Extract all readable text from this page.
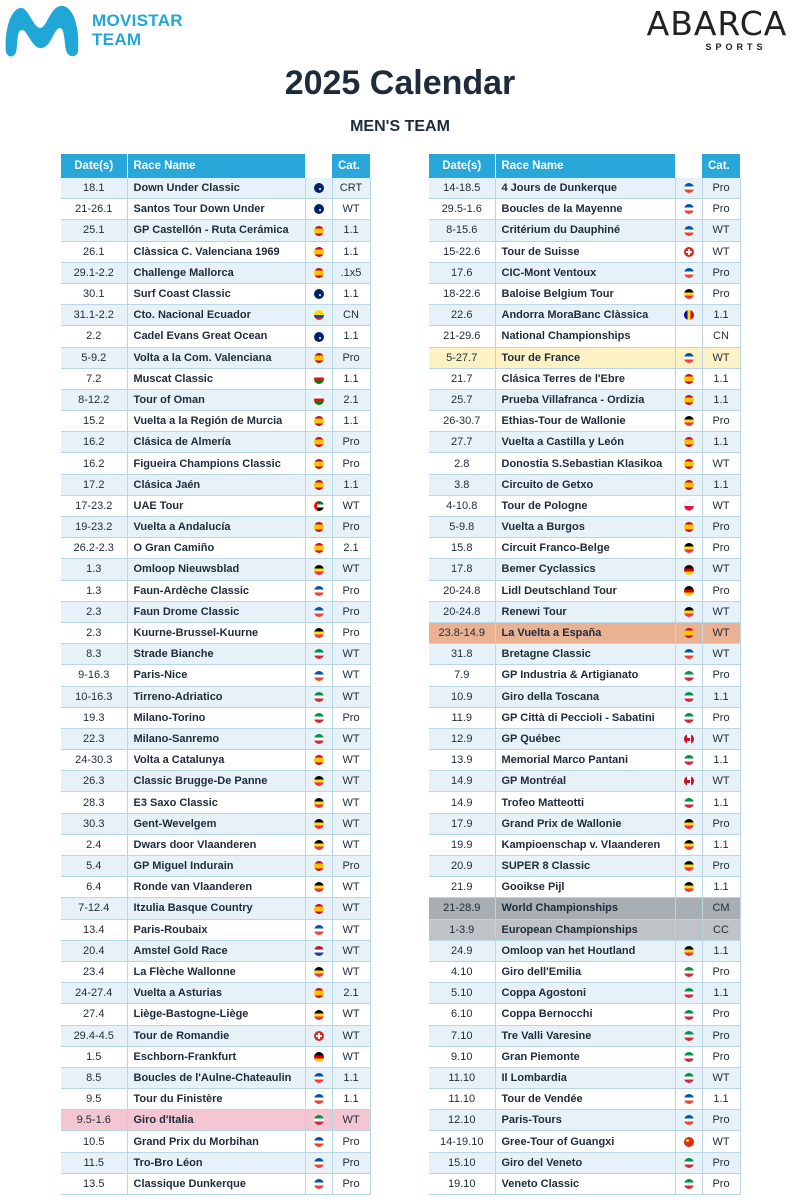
MOVISTAR
TEAM	ABARCA
SPORTS
2025 Calendar
MEN'S TEAM
Date(s)	Race Name		Cat.
18.1	Down Under Classic		CRT
21-26.1	Santos Tour Down Under		WT
25.1	GP Castellón - Ruta Cerámica		1.1
26.1	Clàssica C. Valenciana 1969		1.1
29.1-2.2	Challenge Mallorca		.1x5
30.1	Surf Coast Classic		1.1
31.1-2.2	Cto. Nacional Ecuador		CN
2.2	Cadel Evans Great Ocean		1.1
5-9.2	Volta a la Com. Valenciana		Pro
7.2	Muscat Classic		1.1
8-12.2	Tour of Oman		2.1
15.2	Vuelta a la Región de Murcia		1.1
16.2	Clásica de Almería		Pro
16.2	Figueira Champions Classic		Pro
17.2	Clásica Jaén		1.1
17-23.2	UAE Tour		WT
19-23.2	Vuelta a Andalucía		Pro
26.2-2.3	O Gran Camiño		2.1
1.3	Omloop Nieuwsblad		WT
1.3	Faun-Ardèche Classic		Pro
2.3	Faun Drome Classic		Pro
2.3	Kuurne-Brussel-Kuurne		Pro
8.3	Strade Bianche		WT
9-16.3	Paris-Nice		WT
10-16.3	Tirreno-Adriatico		WT
19.3	Milano-Torino		Pro
22.3	Milano-Sanremo		WT
24-30.3	Volta a Catalunya		WT
26.3	Classic Brugge-De Panne		WT
28.3	E3 Saxo Classic		WT
30.3	Gent-Wevelgem		WT
2.4	Dwars door Vlaanderen		WT
5.4	GP Miguel Indurain		Pro
6.4	Ronde van Vlaanderen		WT
7-12.4	Itzulia Basque Country		WT
13.4	Paris-Roubaix		WT
20.4	Amstel Gold Race		WT
23.4	La Flèche Wallonne		WT
24-27.4	Vuelta a Asturias		2.1
27.4	Liège-Bastogne-Liège		WT
29.4-4.5	Tour de Romandie		WT
1.5	Eschborn-Frankfurt		WT
8.5	Boucles de l'Aulne-Chateaulin		1.1
9.5	Tour du Finistère		1.1
9.5-1.6	Giro d'Italia		WT
10.5	Grand Prix du Morbihan		Pro
11.5	Tro-Bro Léon		Pro
13.5	Classique Dunkerque		Pro
Date(s)	Race Name		Cat.
14-18.5	4 Jours de Dunkerque		Pro
29.5-1.6	Boucles de la Mayenne		Pro
8-15.6	Critérium du Dauphiné		WT
15-22.6	Tour de Suisse		WT
17.6	CIC-Mont Ventoux		Pro
18-22.6	Baloise Belgium Tour		Pro
22.6	Andorra MoraBanc Clàssica		1.1
21-29.6	National Championships		CN
5-27.7	Tour de France		WT
21.7	Clásica Terres de l'Ebre		1.1
25.7	Prueba Villafranca - Ordizia		1.1
26-30.7	Ethias-Tour de Wallonie		Pro
27.7	Vuelta a Castilla y León		1.1
2.8	Donostia S.Sebastian Klasikoa		WT
3.8	Circuito de Getxo		1.1
4-10.8	Tour de Pologne		WT
5-9.8	Vuelta a Burgos		Pro
15.8	Circuit Franco-Belge		Pro
17.8	Bemer Cyclassics		WT
20-24.8	Lidl Deutschland Tour		Pro
20-24.8	Renewi Tour		WT
23.8-14.9	La Vuelta a España		WT
31.8	Bretagne Classic		WT
7.9	GP Industria & Artigianato		Pro
10.9	Giro della Toscana		1.1
11.9	GP Città di Peccioli - Sabatini		Pro
12.9	GP Québec		WT
13.9	Memorial Marco Pantani		1.1
14.9	GP Montréal		WT
14.9	Trofeo Matteotti		1.1
17.9	Grand Prix de Wallonie		Pro
19.9	Kampioenschap v. Vlaanderen		1.1
20.9	SUPER 8 Classic		Pro
21.9	Gooikse Pijl		1.1
21-28.9	World Championships		CM
1-3.9	European Championships		CC
24.9	Omloop van het Houtland		1.1
4.10	Giro dell'Emilia		Pro
5.10	Coppa Agostoni		1.1
6.10	Coppa Bernocchi		Pro
7.10	Tre Valli Varesine		Pro
9.10	Gran Piemonte		Pro
11.10	Il Lombardia		WT
11.10	Tour de Vendée		1.1
12.10	Paris-Tours		Pro
14-19.10	Gree-Tour of Guangxi		WT
15.10	Giro del Veneto		Pro
19.10	Veneto Classic		Pro
